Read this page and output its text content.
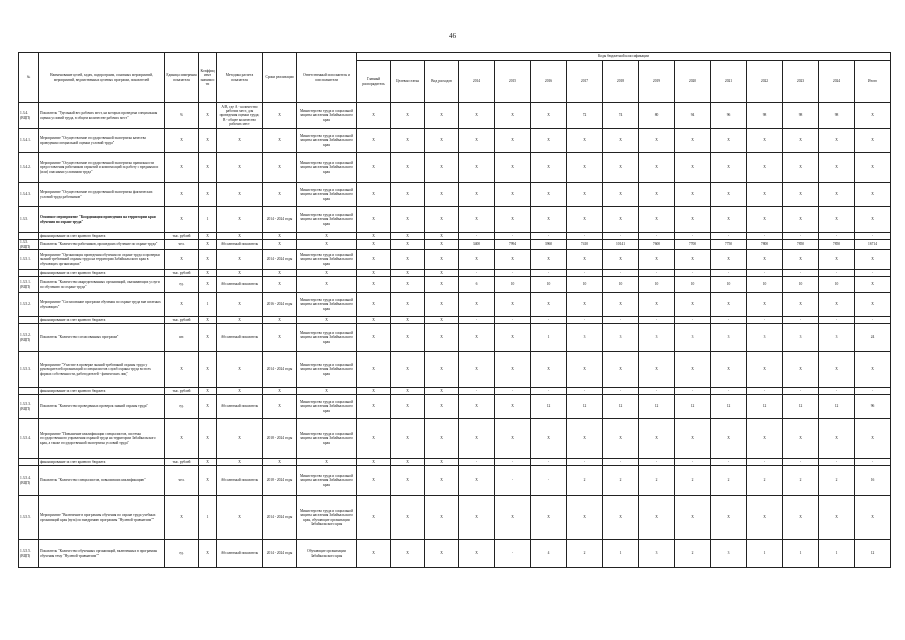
46
№	Наименование целей, задач, подпрограмм, основных мероприятий, мероприятий, ведомственных целевых программ, показателей	Единица измерения показателя	Коэффициент значимости	Методика расчета показателя	Сроки реализации	Ответственный исполнитель и соисполнители	Коды бюджетной классификации														
							Главный распорядитель	Целевая статья	Вид расходов	2014	2015	2016	2017	2018	2019	2020	2021	2022	2023	2024	Итого
1.3.4. (ВЦП)	Показатель "Удельный вес рабочих мест, на которых проведена специальная оценка условий труда, в общем количестве рабочих мест"	%	X	А/В, где А - количество рабочих мест, для проведения оценки труда; В - общее количество рабочих мест	X	Министерство труда и социальной защиты населения Забайкальского края	X	X	X	X	X	X	72	74	80	94	96	98	98	98	X
1.3.4.1.	Мероприятие "Осуществление государственной экспертизы качества проведения специальной оценки условий труда"	X	X	X	X	Министерство труда и социальной защиты населения Забайкальского края	X	X	X	X	X	X	X	X	X	X	X	X	X	X	X
1.3.4.2.	Мероприятие "Осуществление государственной экспертизы правильности предоставления работникам гарантий и компенсаций за работу с вредными и (или) опасными условиями труда"	X	X	X	X	Министерство труда и социальной защиты населения Забайкальского края	X	X	X	X	X	X	X	X	X	X	X	X	X	X	X
1.3.4.3.	Мероприятие "Осуществление государственной экспертизы фактических условий труда работников"	X	X	X	X	Министерство труда и социальной защиты населения Забайкальского края	X	X	X	X	X	X	X	X	X	X	X	X	X	X	X
1.3.5.	Основное мероприятие "Координация проведения на территории края обучения по охране труда"	X	1	X	2014 - 2024 годы	Министерство труда и социальной защиты населения Забайкальского края	X	X	X	X	X	X	X	X	X	X	X	X	X	X	X
	финансирование за счет краевого бюджета	тыс. рублей	X	X	X	X	X	X	X	-	-	-	-	-	-	-	-	-	-	-	-
1.3.5. (ВЦП)	Показатель "Количество работников, прошедших обучение по охране труда"	чел.	X	Абсолютный показатель	X	X	X	X	X	3400	7994	3960	7410	10141	7600	7700	7750	7800	7850	7850	16714
1.3.5.1.	Мероприятие "Организация проведения обучения по охране труда и проверки знаний требований охраны труда на территории Забайкальского края в обучающих организациях"	X	X	X	2014 - 2024 годы	Министерство труда и социальной защиты населения Забайкальского края	X	X	X	X	X	X	X	X	X	X	X	X	X	X	X
	финансирование за счет краевого бюджета	тыс. рублей	X	X	X	X	X	X	X	-	-	-	-	-	-	-	-	-	-	-	-
1.3.5.1. (ВЦП)	Показатель "Количество аккредитованных организаций, оказывающих услуги по обучению по охране труда"	ед.	X	Абсолютный показатель	X	X	X	X	X	6	10	10	10	10	10	10	10	10	10	10	X
1.3.5.2.	Мероприятие "Согласование программ обучения по охране труда вне штатных обучающих"	X	1	X	2016 - 2024 годы	Министерство труда и социальной защиты населения Забайкальского края	X	X	X	X	X	X	X	X	X	X	X	X	X	X	X
	финансирование за счет краевого бюджета	тыс. рублей	X	X	X	X	X	X	X	-	-	-	-	-	-	-	-	-	-	-	-
1.3.5.2. (ВЦП)	Показатель "Количество согласованных программ"	шт.	X	Абсолютный показатель	X	Министерство труда и социальной защиты населения Забайкальского края	X	X	X	X	X	1	3	3	3	3	3	3	3	3	24
1.3.5.3.	Мероприятие "Участие в проверке знаний требований охраны труда у руководителей организаций и специалистов служб охраны труда во всех формах собственности, работодателей - физических лиц"	X	X	X	2014 - 2024 годы	Министерство труда и социальной защиты населения Забайкальского края	X	X	X	X	X	X	X	X	X	X	X	X	X	X	X
	финансирование за счет краевого бюджета	тыс. рублей	X	X	X	X	X	X	X	-	-	-	-	-	-	-	-	-	-	-	-
1.3.5.3. (ВЦП)	Показатель "Количество проведенных проверок знаний охраны труда"	ед.	X	Абсолютный показатель	X	Министерство труда и социальной защиты населения Забайкальского края	X	X	X	X	X	12	12	12	12	12	12	12	12	12	96
1.3.5.4.	Мероприятие "Повышение квалификации специалистов, системы государственного управления охраной труда на территории Забайкальского края, а также государственной экспертизы условий труда"	X	X	X	2018 - 2024 годы	Министерство труда и социальной защиты населения Забайкальского края	X	X	X	X	X	X	X	X	X	X	X	X	X	X	X
	финансирование за счет краевого бюджета	тыс. рублей	X	X	X	X	X	X	X	-	-	-	-	-	-	-	-	-	-	-	-
1.3.5.4. (ВЦП)	Показатель "Количество специалистов, повысивших квалификацию"	чел.	X	Абсолютный показатель	2018 - 2024 годы	Министерство труда и социальной защиты населения Забайкальского края	X	X	X	X	-	-	2	2	2	2	2	2	2	2	16
1.3.5.5.	Мероприятие "Включение в программы обучения по охране труда учебных организаций края (вуза) по внедрению программы "Нулевой травматизм""	X	1	X	2014 - 2024 годы	Министерство труда и социальной защиты населения Забайкальского края, обучающие организации Забайкальского края	X	X	X	X	X	X	X	X	X	X	X	X	X	X	X
1.3.5.5. (ВЦП)	Показатель "Количество обученных организаций, включенных в программы обучения тему "Нулевой травматизм""	ед.	X	Абсолютный показатель	2014 - 2024 годы	Обучающие организации Забайкальского края	X	X	X	X	-	4	2	1	3	2	3	1	1	1	12
